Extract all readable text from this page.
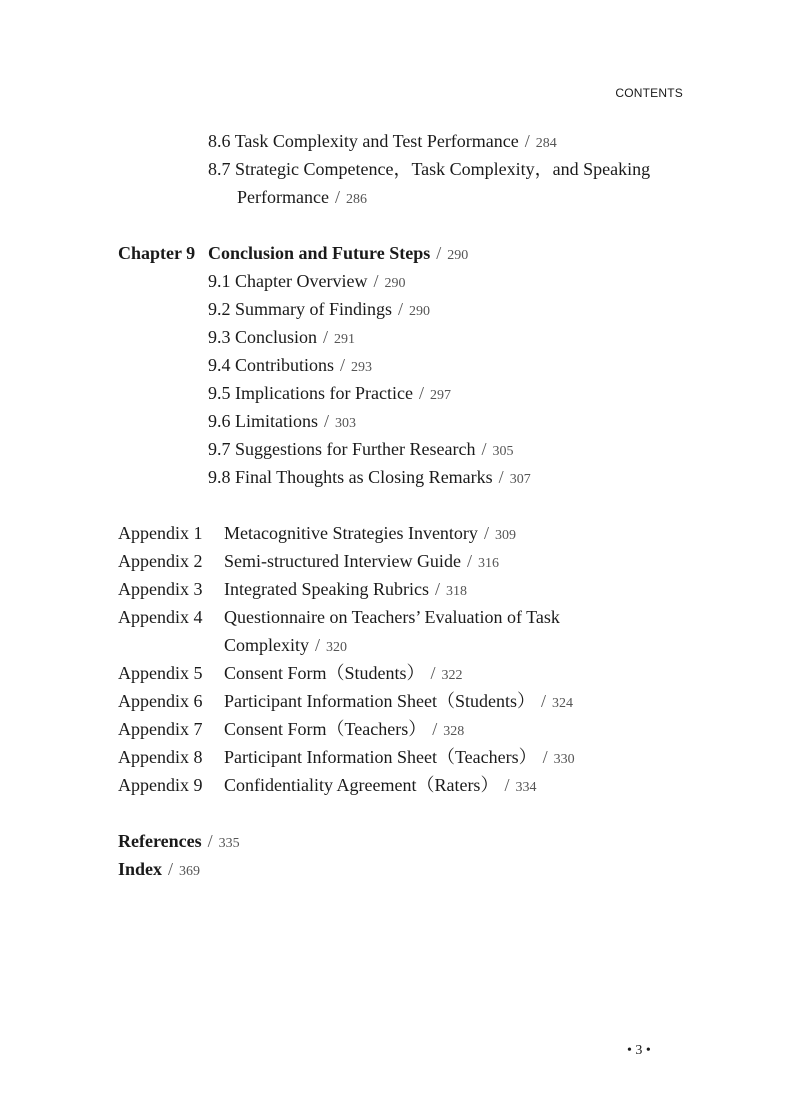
CONTENTS
8.6 Task Complexity and Test Performance / 284
8.7 Strategic Competence，Task Complexity，and Speaking
Performance / 286
Chapter 9 Conclusion and Future Steps / 290
9.1 Chapter Overview / 290
9.2 Summary of Findings / 290
9.3 Conclusion / 291
9.4 Contributions / 293
9.5 Implications for Practice / 297
9.6 Limitations / 303
9.7 Suggestions for Further Research / 305
9.8 Final Thoughts as Closing Remarks / 307
Appendix 1 Metacognitive Strategies Inventory / 309
Appendix 2 Semi-structured Interview Guide / 316
Appendix 3 Integrated Speaking Rubrics / 318
Appendix 4 Questionnaire on Teachers’ Evaluation of Task
Complexity / 320
Appendix 5 Consent Form（Students） / 322
Appendix 6 Participant Information Sheet（Students） / 324
Appendix 7 Consent Form（Teachers） / 328
Appendix 8 Participant Information Sheet（Teachers） / 330
Appendix 9 Confidentiality Agreement（Raters） / 334
References / 335
Index / 369
• 3 •
